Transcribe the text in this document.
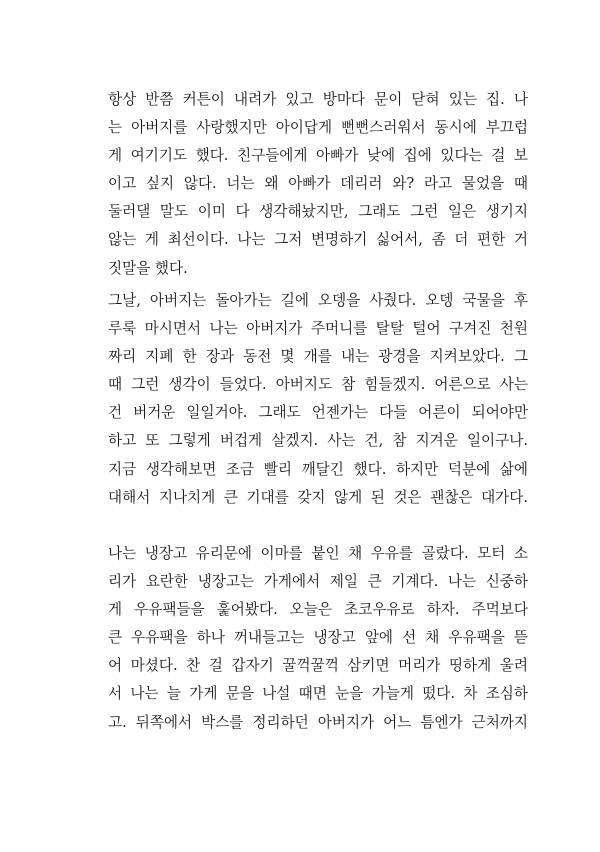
항상 반쯤 커튼이 내려가 있고 방마다 문이 닫혀 있는 집. 나
는 아버지를 사랑했지만 아이답게 뻔뻔스러워서 동시에 부끄럽
게 여기기도 했다. 친구들에게 아빠가 낮에 집에 있다는 걸 보
이고 싶지 않다. 너는 왜 아빠가 데리러 와? 라고 물었을 때
둘러댈 말도 이미 다 생각해놨지만, 그래도 그런 일은 생기지
않는 게 최선이다. 나는 그저 변명하기 싫어서, 좀 더 편한 거
짓말을 했다.
그날, 아버지는 돌아가는 길에 오뎅을 사줬다. 오뎅 국물을 후
루룩 마시면서 나는 아버지가 주머니를 탈탈 털어 구겨진 천원
짜리 지폐 한 장과 동전 몇 개를 내는 광경을 지켜보았다. 그
때 그런 생각이 들었다. 아버지도 참 힘들겠지. 어른으로 사는
건 버거운 일일거야. 그래도 언젠가는 다들 어른이 되어야만
하고 또 그렇게 버겁게 살겠지. 사는 건, 참 지겨운 일이구나.
지금 생각해보면 조금 빨리 깨달긴 했다. 하지만 덕분에 삶에
대해서 지나치게 큰 기대를 갖지 않게 된 것은 괜찮은 대가다.
나는 냉장고 유리문에 이마를 붙인 채 우유를 골랐다. 모터 소
리가 요란한 냉장고는 가게에서 제일 큰 기계다. 나는 신중하
게 우유팩들을 훑어봤다. 오늘은 초코우유로 하자. 주먹보다
큰 우유팩을 하나 꺼내들고는 냉장고 앞에 선 채 우유팩을 뜯
어 마셨다. 찬 걸 갑자기 꿀꺽꿀꺽 삼키면 머리가 띵하게 울려
서 나는 늘 가게 문을 나설 때면 눈을 가늘게 떴다. 차 조심하
고. 뒤쪽에서 박스를 정리하던 아버지가 어느 틈엔가 근처까지
